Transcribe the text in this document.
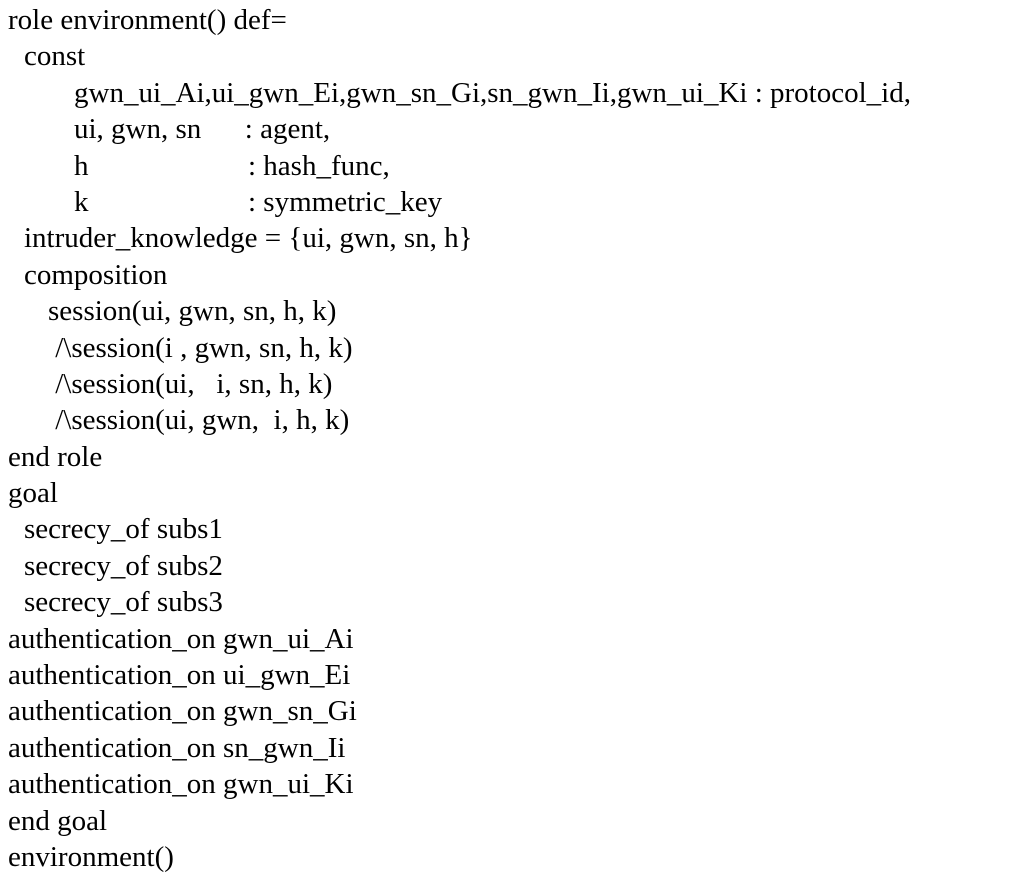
role environment() def=
const
gwn_ui_Ai,ui_gwn_Ei,gwn_sn_Gi,sn_gwn_Ii,gwn_ui_Ki : protocol_id,
ui, gwn, sn      : agent,
h                      : hash_func,
k                      : symmetric_key
intruder_knowledge = {ui, gwn, sn, h}
composition
session(ui, gwn, sn, h, k)
/\session(i , gwn, sn, h, k)
/\session(ui,   i, sn, h, k)
/\session(ui, gwn,  i, h, k)
end role
goal
secrecy_of subs1
secrecy_of subs2
secrecy_of subs3
authentication_on gwn_ui_Ai
authentication_on ui_gwn_Ei
authentication_on gwn_sn_Gi
authentication_on sn_gwn_Ii
authentication_on gwn_ui_Ki
end goal
environment()
